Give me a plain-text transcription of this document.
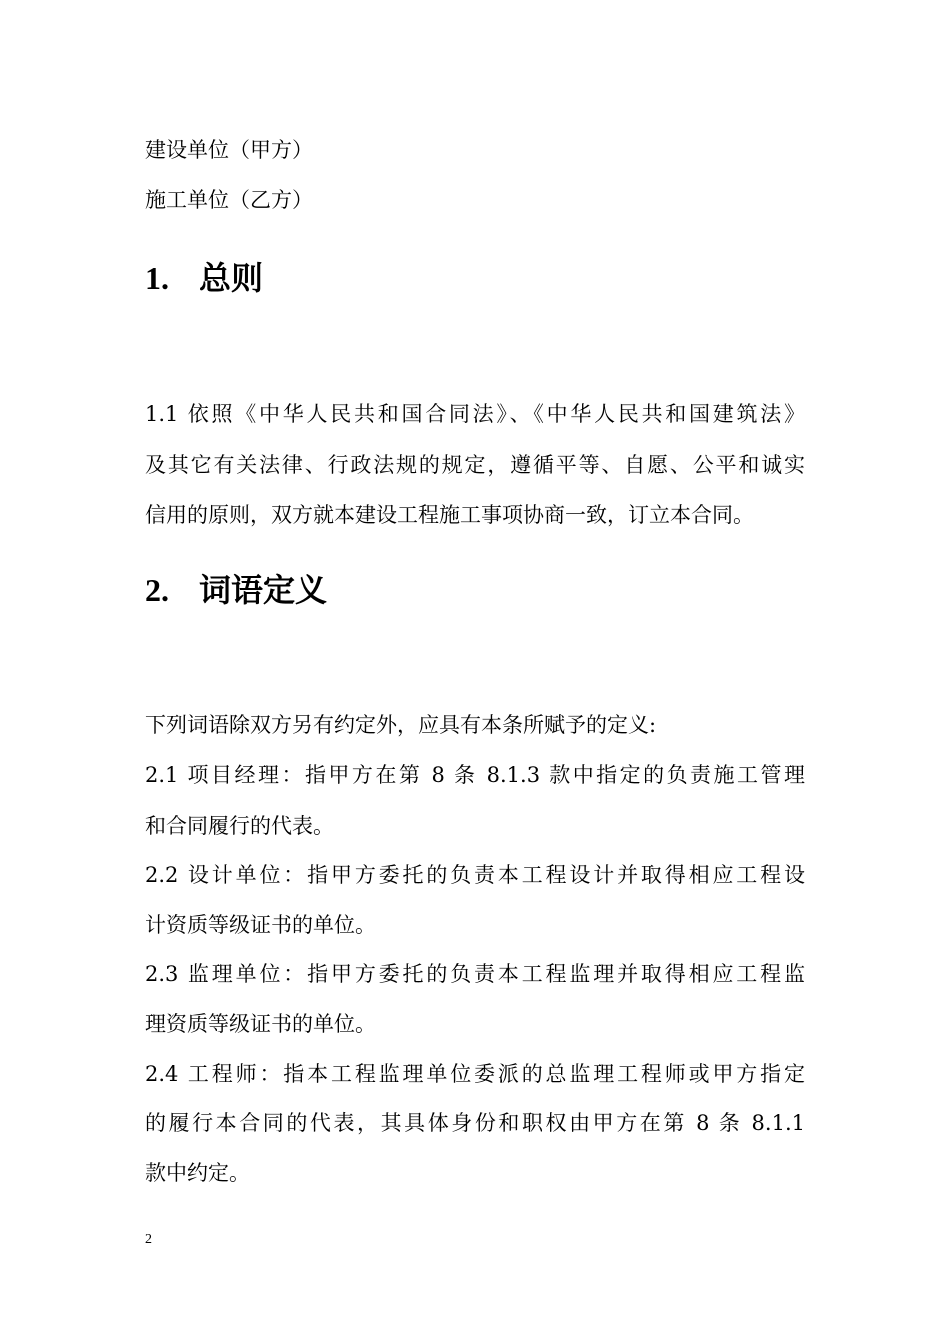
建设单位（甲方）
施工单位（乙方）
1. 总则
1.1 依照《中华人民共和国合同法》、《中华人民共和国建筑法》
及其它有关法律、行政法规的规定，遵循平等、自愿、公平和诚实
信用的原则，双方就本建设工程施工事项协商一致，订立本合同。
2. 词语定义
下列词语除双方另有约定外，应具有本条所赋予的定义:
2.1 项目经理：指甲方在第 8 条 8.1.3 款中指定的负责施工管理
和合同履行的代表。
2.2 设计单位：指甲方委托的负责本工程设计并取得相应工程设
计资质等级证书的单位。
2.3 监理单位：指甲方委托的负责本工程监理并取得相应工程监
理资质等级证书的单位。
2.4 工程师：指本工程监理单位委派的总监理工程师或甲方指定
的履行本合同的代表，其具体身份和职权由甲方在第 8 条 8.1.1
款中约定。
2
